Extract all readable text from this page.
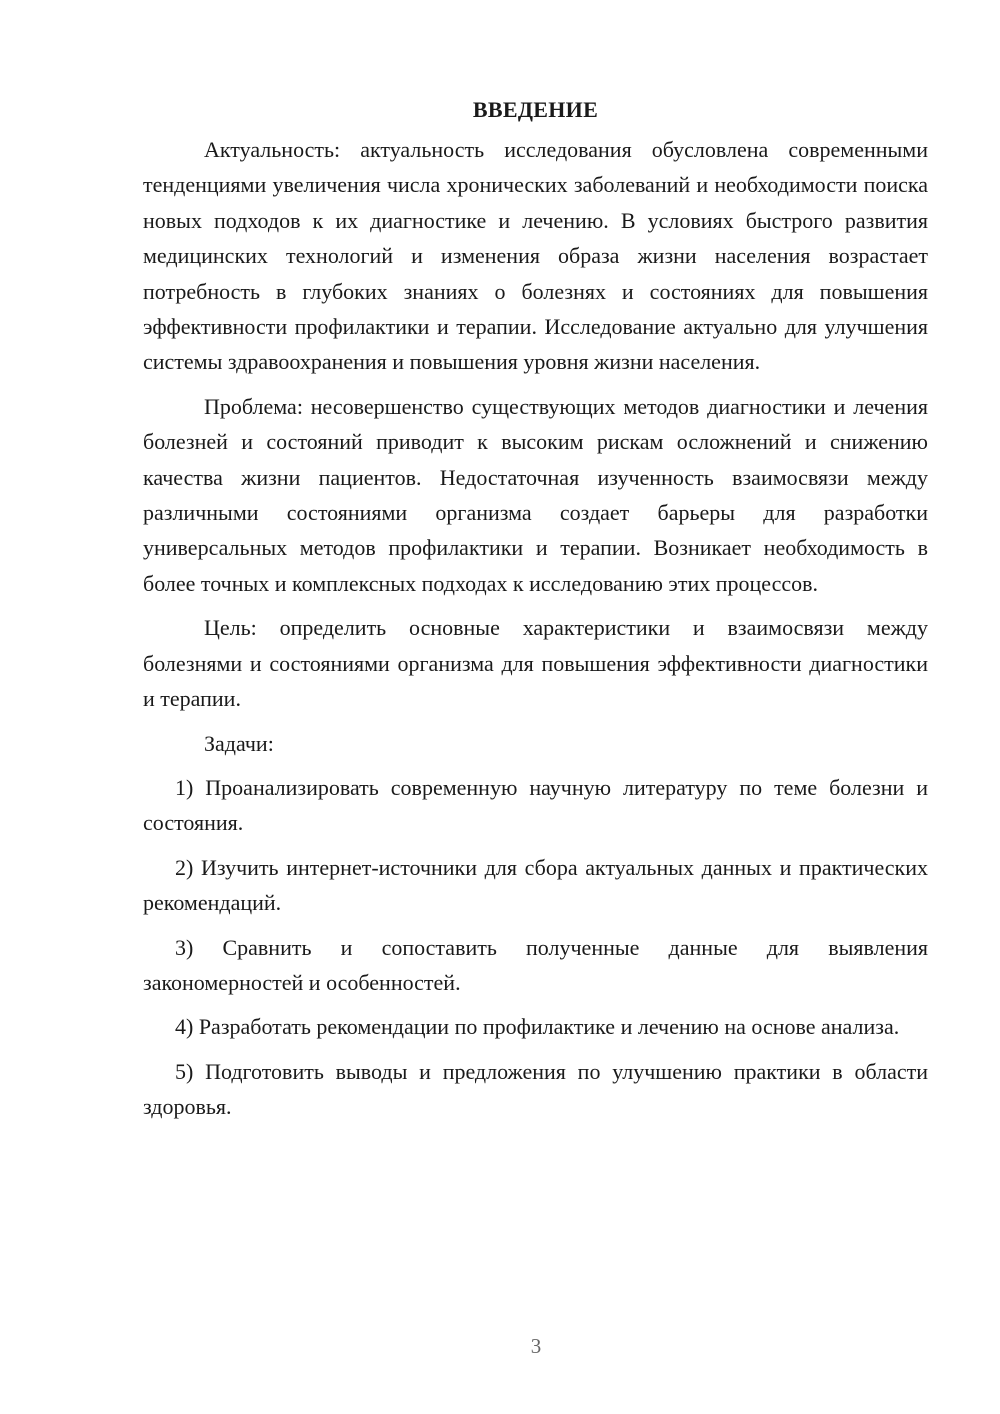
ВВЕДЕНИЕ

Актуальность: актуальность исследования обусловлена современными тенденциями увеличения числа хронических заболеваний и необходимости поиска новых подходов к их диагностике и лечению. В условиях быстрого развития медицинских технологий и изменения образа жизни населения возрастает потребность в глубоких знаниях о болезнях и состояниях для повышения эффективности профилактики и терапии. Исследование актуально для улучшения системы здравоохранения и повышения уровня жизни населения.

Проблема: несовершенство существующих методов диагностики и лечения болезней и состояний приводит к высоким рискам осложнений и снижению качества жизни пациентов. Недостаточная изученность взаимосвязи между различными состояниями организма создает барьеры для разработки универсальных методов профилактики и терапии. Возникает необходимость в более точных и комплексных подходах к исследованию этих процессов.

Цель: определить основные характеристики и взаимосвязи между болезнями и состояниями организма для повышения эффективности диагностики и терапии.

Задачи:

1) Проанализировать современную научную литературу по теме болезни и состояния.

2) Изучить интернет-источники для сбора актуальных данных и практических рекомендаций.

3) Сравнить и сопоставить полученные данные для выявления закономерностей и особенностей.

4) Разработать рекомендации по профилактике и лечению на основе анализа.

5) Подготовить выводы и предложения по улучшению практики в области здоровья.

3
